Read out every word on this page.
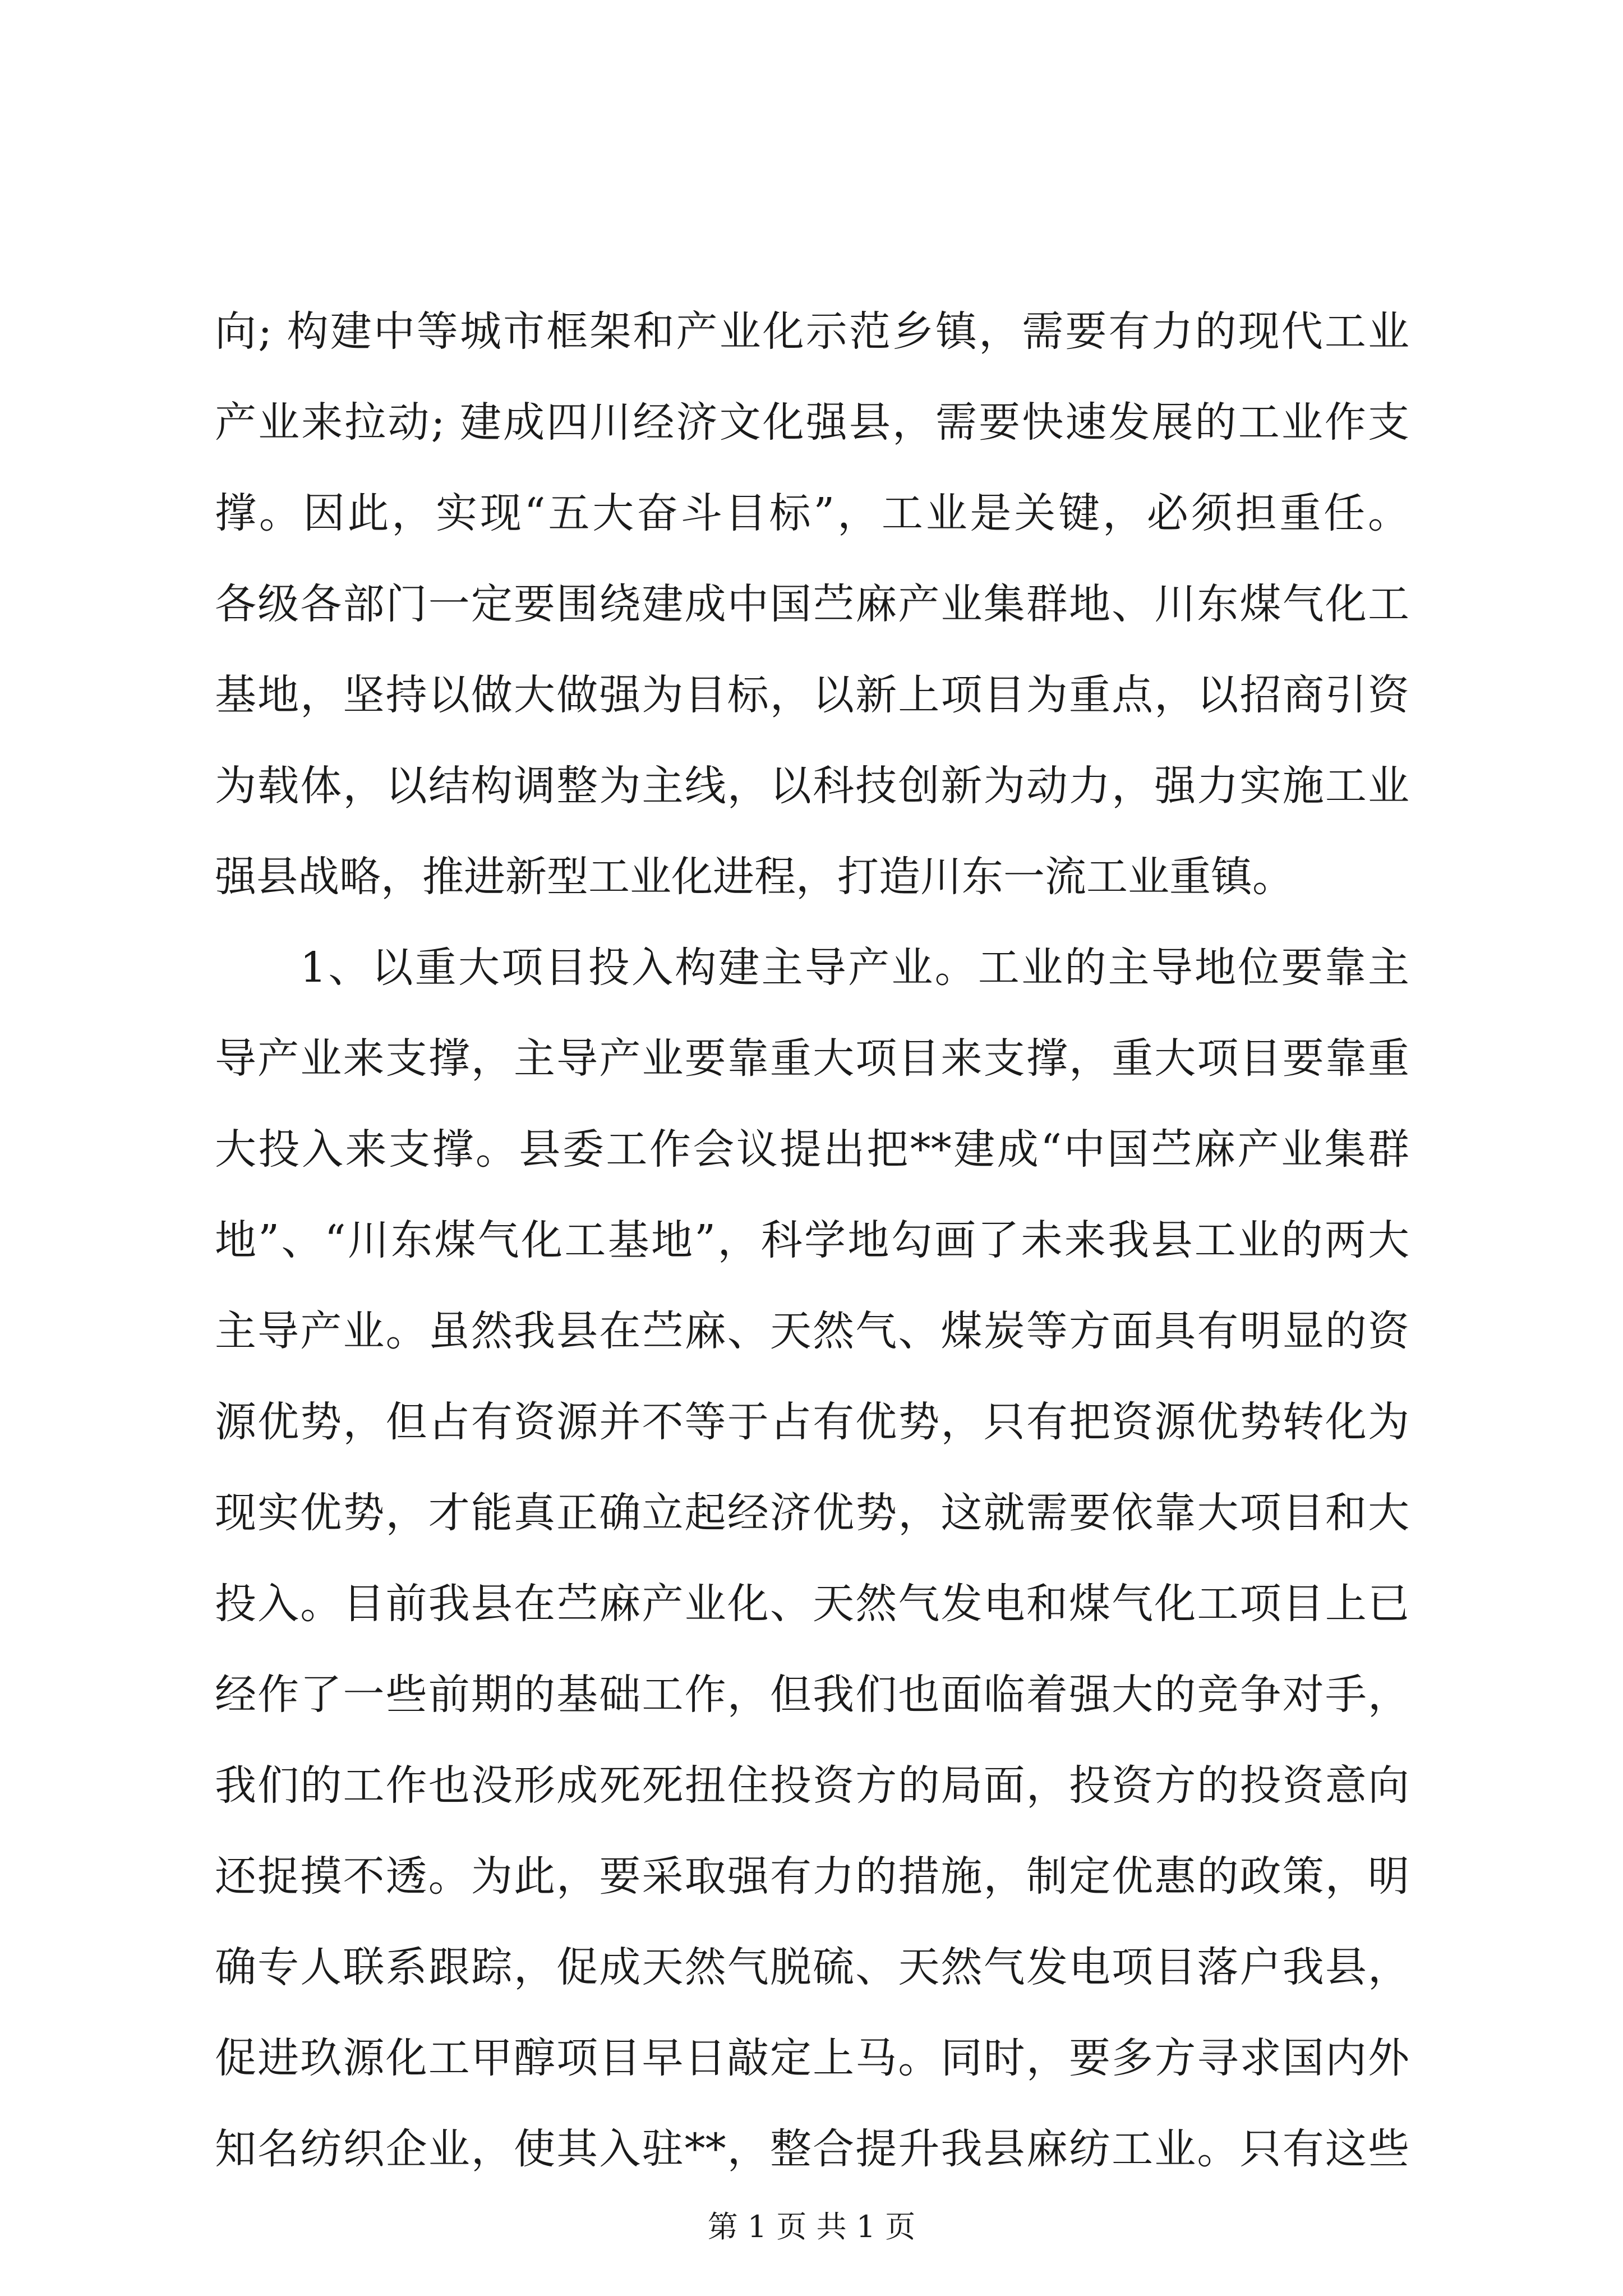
向; 构建中等城市框架和产业化示范乡镇，需要有力的现代工业
产业来拉动; 建成四川经济文化强县，需要快速发展的工业作支
撑。因此，实现“五大奋斗目标”，工业是关键，必须担重任。
各级各部门一定要围绕建成中国苎麻产业集群地、川东煤气化工
基地，坚持以做大做强为目标，以新上项目为重点，以招商引资
为载体，以结构调整为主线，以科技创新为动力，强力实施工业
强县战略，推进新型工业化进程，打造川东一流工业重镇。
1、以重大项目投入构建主导产业。工业的主导地位要靠主
导产业来支撑，主导产业要靠重大项目来支撑，重大项目要靠重
大投入来支撑。县委工作会议提出把**建成“中国苎麻产业集群
地”、“川东煤气化工基地”，科学地勾画了未来我县工业的两大
主导产业。虽然我县在苎麻、天然气、煤炭等方面具有明显的资
源优势，但占有资源并不等于占有优势，只有把资源优势转化为
现实优势，才能真正确立起经济优势，这就需要依靠大项目和大
投入。目前我县在苎麻产业化、天然气发电和煤气化工项目上已
经作了一些前期的基础工作，但我们也面临着强大的竞争对手，
我们的工作也没形成死死扭住投资方的局面，投资方的投资意向
还捉摸不透。为此，要采取强有力的措施，制定优惠的政策，明
确专人联系跟踪，促成天然气脱硫、天然气发电项目落户我县，
促进玖源化工甲醇项目早日敲定上马。同时，要多方寻求国内外
知名纺织企业，使其入驻**，整合提升我县麻纺工业。只有这些
第 1 页 共 1 页
